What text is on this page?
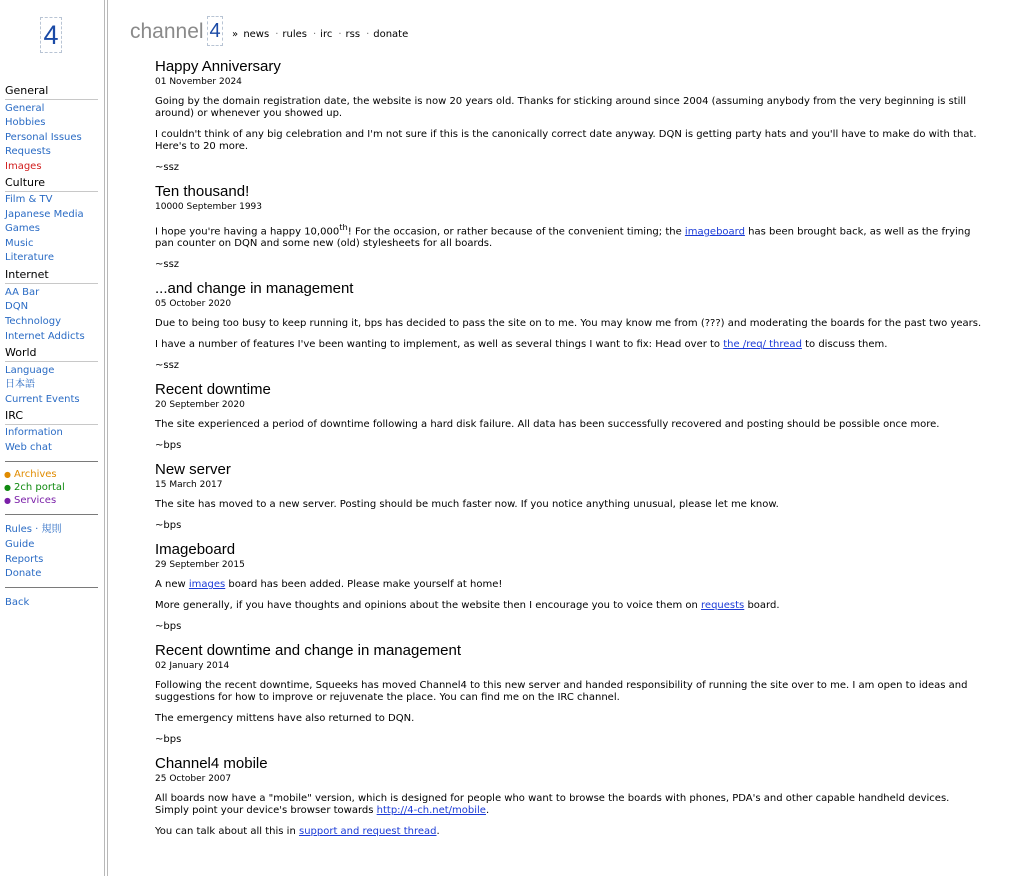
4
General
General
Hobbies
Personal Issues
Requests
Images
Culture
Film & TV
Japanese Media
Games
Music
Literature
Internet
AA Bar
DQN
Technology
Internet Addicts
World
Language
日本語
Current Events
IRC
Information
Web chat
● Archives
● 2ch portal
● Services
Rules · 規則
Guide
Reports
Donate
Back
channel 4 » news · rules · irc · rss · donate
Happy Anniversary
01 November 2024

Going by the domain registration date, the website is now 20 years old. Thanks for sticking around since 2004 (assuming anybody from the very beginning is still around) or whenever you showed up.

I couldn't think of any big celebration and I'm not sure if this is the canonically correct date anyway. DQN is getting party hats and you'll have to make do with that. Here's to 20 more.

~ssz

Ten thousand!
10000 September 1993

I hope you're having a happy 10,000th! For the occasion, or rather because of the convenient timing; the imageboard has been brought back, as well as the frying pan counter on DQN and some new (old) stylesheets for all boards.

~ssz

...and change in management
05 October 2020

Due to being too busy to keep running it, bps has decided to pass the site on to me. You may know me from (???) and moderating the boards for the past two years.

I have a number of features I've been wanting to implement, as well as several things I want to fix: Head over to the /req/ thread to discuss them.

~ssz

Recent downtime
20 September 2020

The site experienced a period of downtime following a hard disk failure. All data has been successfully recovered and posting should be possible once more.

~bps

New server
15 March 2017

The site has moved to a new server. Posting should be much faster now. If you notice anything unusual, please let me know.

~bps

Imageboard
29 September 2015

A new images board has been added. Please make yourself at home!

More generally, if you have thoughts and opinions about the website then I encourage you to voice them on requests board.

~bps

Recent downtime and change in management
02 January 2014

Following the recent downtime, Squeeks has moved Channel4 to this new server and handed responsibility of running the site over to me. I am open to ideas and suggestions for how to improve or rejuvenate the place. You can find me on the IRC channel.

The emergency mittens have also returned to DQN.

~bps

Channel4 mobile
25 October 2007

All boards now have a "mobile" version, which is designed for people who want to browse the boards with phones, PDA's and other capable handheld devices. Simply point your device's browser towards http://4-ch.net/mobile.

You can talk about all this in support and request thread.
